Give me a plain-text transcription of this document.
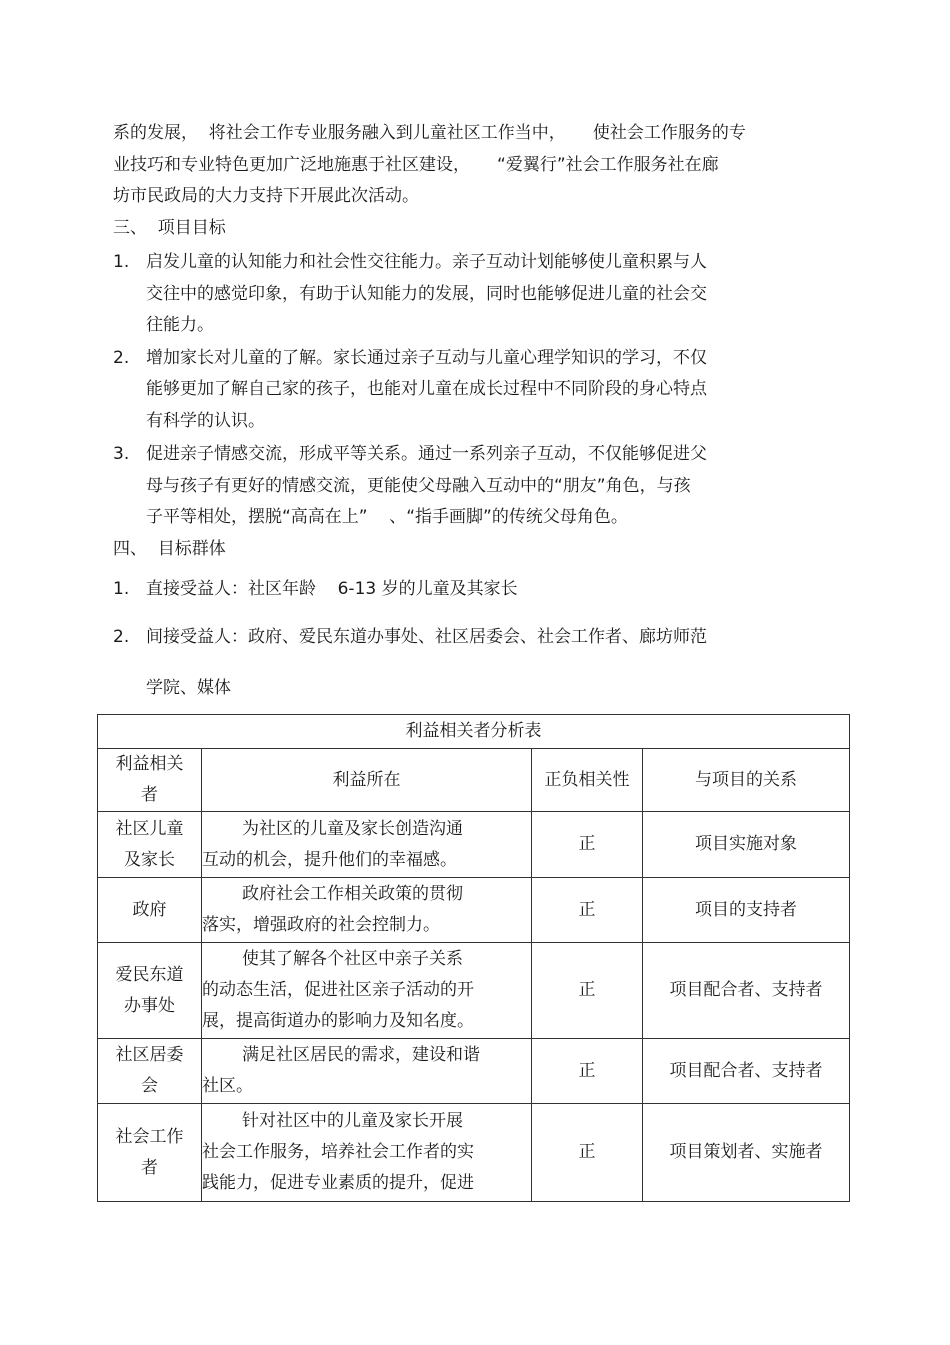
系的发展，  将社会工作专业服务融入到儿童社区工作当中，     使社会工作服务的专
业技巧和专业特色更加广泛地施惠于社区建设，     “爱翼行”社会工作服务社在廊
坊市民政局的大力支持下开展此次活动。
三、  项目目标
1. 启发儿童的认知能力和社会性交往能力。亲子互动计划能够使儿童积累与人
交往中的感觉印象，有助于认知能力的发展，同时也能够促进儿童的社会交
往能力。
2. 增加家长对儿童的了解。家长通过亲子互动与儿童心理学知识的学习，不仅
能够更加了解自己家的孩子，也能对儿童在成长过程中不同阶段的身心特点
有科学的认识。
3. 促进亲子情感交流，形成平等关系。通过一系列亲子互动，不仅能够促进父
母与孩子有更好的情感交流，更能使父母融入互动中的“朋友”角色，与孩
子平等相处，摆脱“高高在上”    、“指手画脚”的传统父母角色。
四、  目标群体
1. 直接受益人：社区年龄    6-13 岁的儿童及其家长
2. 间接受益人：政府、爱民东道办事处、社区居委会、社会工作者、廊坊师范
学院、媒体
利益相关者分析表			
利益相关
者	利益所在	正负相关性	与项目的关系
社区儿童
及家长	为社区的儿童及家长创造沟通
互动的机会，提升他们的幸福感。	正	项目实施对象
政府	政府社会工作相关政策的贯彻
落实，增强政府的社会控制力。	正	项目的支持者
爱民东道
办事处	使其了解各个社区中亲子关系
的动态生活，促进社区亲子活动的开
展，提高街道办的影响力及知名度。	正	项目配合者、支持者
社区居委
会	满足社区居民的需求，建设和谐
社区。	正	项目配合者、支持者
社会工作
者	针对社区中的儿童及家长开展
社会工作服务，培养社会工作者的实
践能力，促进专业素质的提升，促进	正	项目策划者、实施者
